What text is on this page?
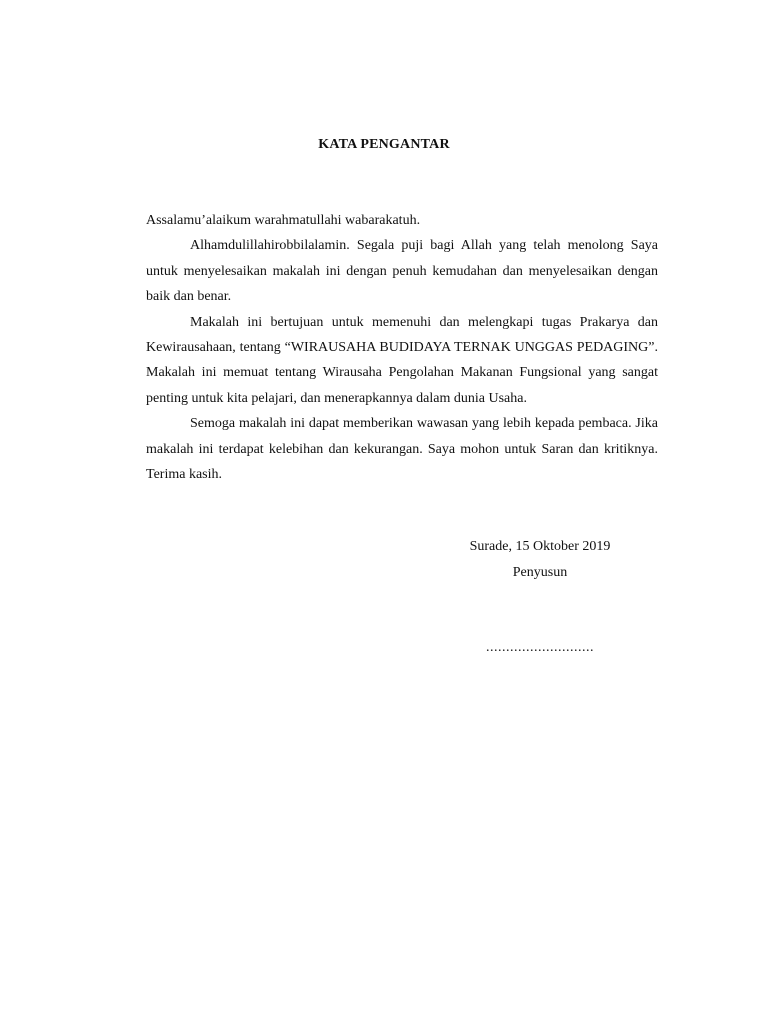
KATA PENGANTAR

Assalamu’alaikum warahmatullahi wabarakatuh.

Alhamdulillahirobbilalamin. Segala puji bagi Allah yang telah menolong Saya untuk menyelesaikan makalah ini dengan penuh kemudahan dan menyelesaikan dengan baik dan benar.

Makalah ini bertujuan untuk memenuhi dan melengkapi tugas Prakarya dan Kewirausahaan, tentang “WIRAUSAHA BUDIDAYA TERNAK UNGGAS PEDAGING”. Makalah ini memuat tentang Wirausaha Pengolahan Makanan Fungsional yang sangat penting untuk kita pelajari, dan menerapkannya dalam dunia Usaha.

Semoga makalah ini dapat memberikan wawasan yang lebih kepada pembaca. Jika makalah ini terdapat kelebihan dan kekurangan. Saya mohon untuk Saran dan kritiknya. Terima kasih.

Surade, 15 Oktober 2019
Penyusun
...........................
